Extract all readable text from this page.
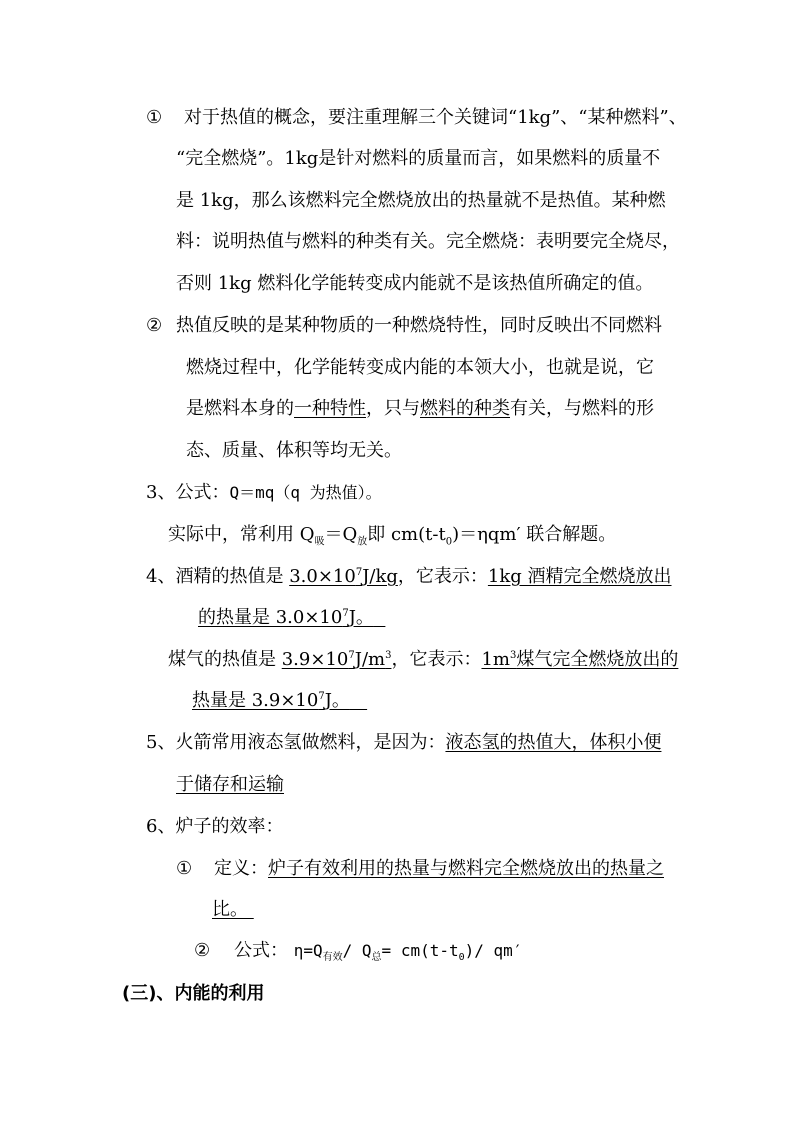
① 对于热值的概念，要注重理解三个关键词“1kg”、“某种燃料”、
“完全燃烧”。1kg是针对燃料的质量而言，如果燃料的质量不
是 1kg，那么该燃料完全燃烧放出的热量就不是热值。某种燃
料：说明热值与燃料的种类有关。完全燃烧：表明要完全烧尽，
否则 1kg 燃料化学能转变成内能就不是该热值所确定的值。
② 热值反映的是某种物质的一种燃烧特性，同时反映出不同燃料
燃烧过程中，化学能转变成内能的本领大小，也就是说，它
是燃料本身的一种特性，只与燃料的种类有关，与燃料的形
态、质量、体积等均无关。
3、公式：Q＝mq（q 为热值）。
实际中，常利用 $Q_吸=Q_放$即 $cm(t-t_0)=\eta qm'$ 联合解题。
4、酒精的热值是 $3.0\times 10^7J/kg$，它表示：1kg 酒精完全燃烧放出
的热量是 $3.0\times 10^7J$。
煤气的热值是 $3.9\times 10^7J/m^3$，它表示：$1m^3$煤气完全燃烧放出的
热量是 $3.9\times 10^7J$。
5、火箭常用液态氢做燃料，是因为：液态氢的热值大，体积小便
于储存和运输
6、炉子的效率：
① 定义：炉子有效利用的热量与燃料完全燃烧放出的热量之
比。
② 公式： $\eta=Q_{有效}/$ $Q_总= cm(t-t_0)/$ qm′
(三)、内能的利用
